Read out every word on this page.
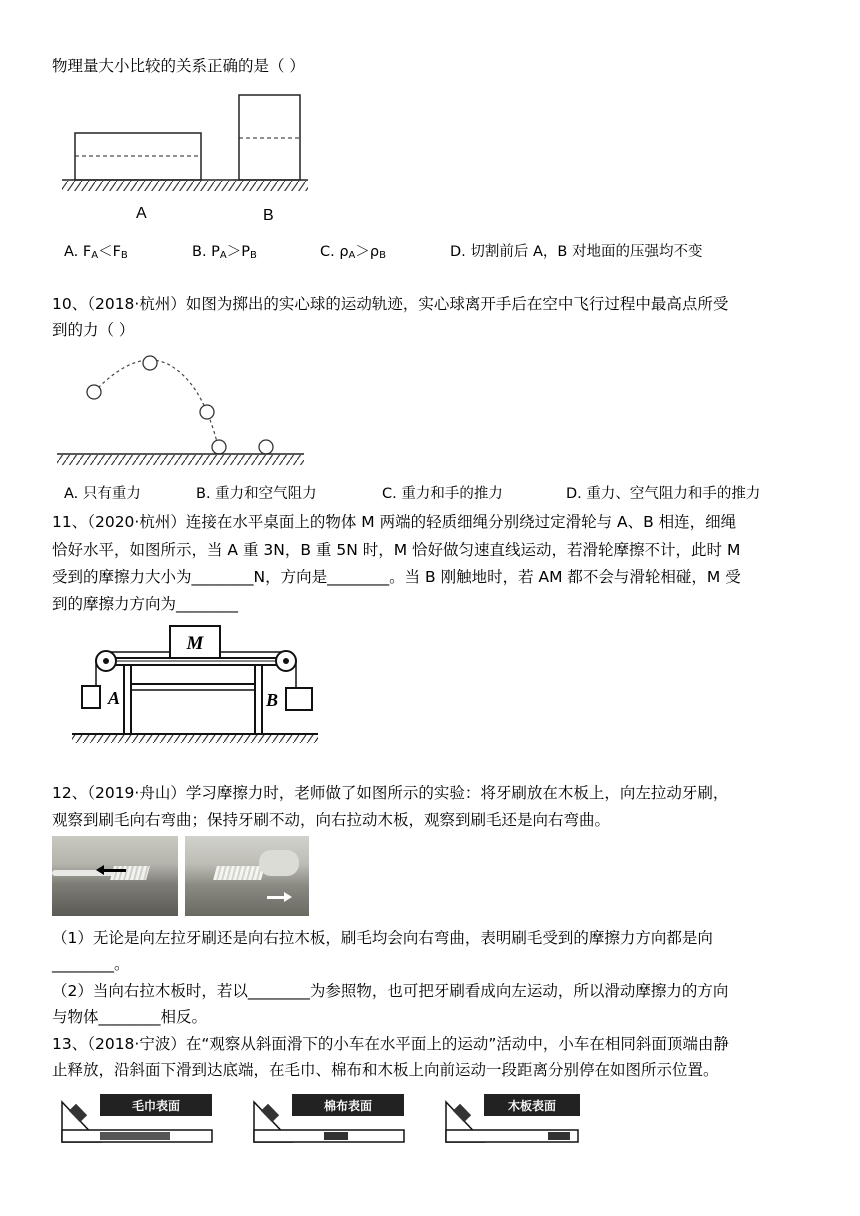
物理量大小比较的关系正确的是（ ）
A	B
A. $F_A<F_B$	B. $P_A>P_B$	C. $\rho_A>\rho_B$	D. 切割前后 A，B 对地面的压强均不变
10、（2018·杭州）如图为掷出的实心球的运动轨迹，实心球离开手后在空中飞行过程中最高点所受
到的力（ ）
A. 只有重力	B. 重力和空气阻力	C. 重力和手的推力	D. 重力、空气阻力和手的推力
11、（2020·杭州）连接在水平桌面上的物体 M 两端的轻质细绳分别绕过定滑轮与 A、B 相连，细绳
恰好水平，如图所示，当 A 重 3N，B 重 5N 时，M 恰好做匀速直线运动，若滑轮摩擦不计，此时 M
受到的摩擦力大小为________N，方向是________。当 B 刚触地时，若 AM 都不会与滑轮相碰，M 受
到的摩擦力方向为________
M
A	B
12、（2019·舟山）学习摩擦力时，老师做了如图所示的实验：将牙刷放在木板上，向左拉动牙刷，
观察到刷毛向右弯曲；保持牙刷不动，向右拉动木板，观察到刷毛还是向右弯曲。
（1）无论是向左拉牙刷还是向右拉木板，刷毛均会向右弯曲，表明刷毛受到的摩擦力方向都是向
________。
（2）当向右拉木板时，若以________为参照物，也可把牙刷看成向左运动，所以滑动摩擦力的方向
与物体________相反。
13、（2018·宁波）在“观察从斜面滑下的小车在水平面上的运动”活动中，小车在相同斜面顶端由静
止释放，沿斜面下滑到达底端，在毛巾、棉布和木板上向前运动一段距离分别停在如图所示位置。
毛巾表面	棉布表面	木板表面
